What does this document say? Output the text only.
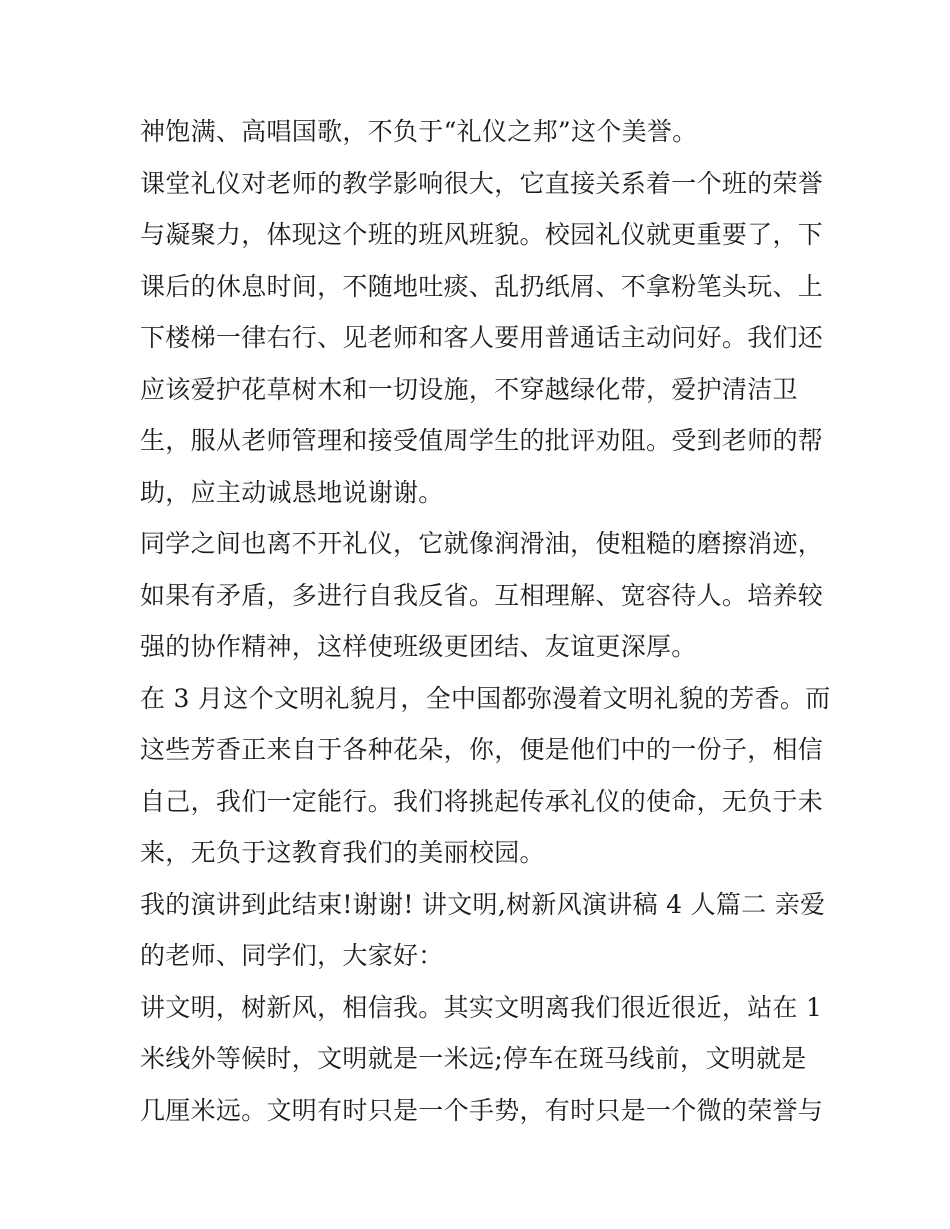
神饱满、高唱国歌，不负于“礼仪之邦”这个美誉。
课堂礼仪对老师的教学影响很大，它直接关系着一个班的荣誉
与凝聚力，体现这个班的班风班貌。校园礼仪就更重要了，下
课后的休息时间，不随地吐痰、乱扔纸屑、不拿粉笔头玩、上
下楼梯一律右行、见老师和客人要用普通话主动问好。我们还
应该爱护花草树木和一切设施，不穿越绿化带，爱护清洁卫
生，服从老师管理和接受值周学生的批评劝阻。受到老师的帮
助，应主动诚恳地说谢谢。
同学之间也离不开礼仪，它就像润滑油，使粗糙的磨擦消迹，
如果有矛盾，多进行自我反省。互相理解、宽容待人。培养较
强的协作精神，这样使班级更团结、友谊更深厚。
在 3 月这个文明礼貌月，全中国都弥漫着文明礼貌的芳香。而
这些芳香正来自于各种花朵，你，便是他们中的一份子，相信
自己，我们一定能行。我们将挑起传承礼仪的使命，无负于未
来，无负于这教育我们的美丽校园。
我的演讲到此结束!谢谢! 讲文明,树新风演讲稿 4 人篇二 亲爱
的老师、同学们，大家好：
讲文明，树新风，相信我。其实文明离我们很近很近，站在 1
米线外等候时，文明就是一米远;停车在斑马线前，文明就是
几厘米远。文明有时只是一个手势，有时只是一个微的荣誉与
